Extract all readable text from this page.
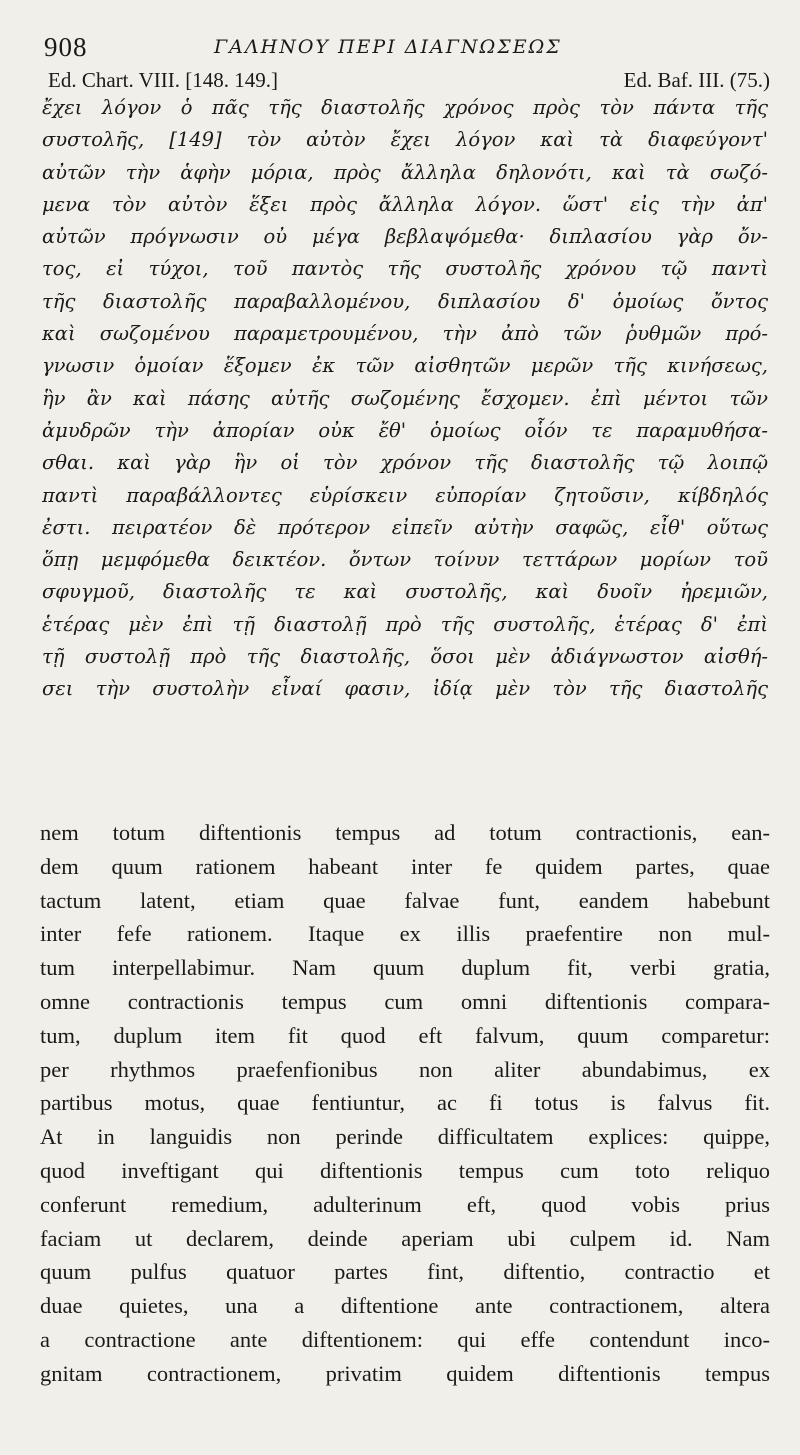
908	ΓΑΛΗΝΟΥ ΠΕΡΙ ΔΙΑΓΝΩΣΕΩΣ
Ed. Chart. VIII. [148. 149.]	Ed. Baf. III. (75.)
ἔχει λόγον ὁ πᾶς τῆς διαστολῆς χρόνος πρὸς τὸν πάντα τῆς
συστολῆς, [149] τὸν αὐτὸν ἔχει λόγον καὶ τὰ διαφεύγοντ'
αὐτῶν τὴν ἁφὴν μόρια, πρὸς ἄλληλα δηλονότι, καὶ τὰ σωζό-
μενα τὸν αὐτὸν ἕξει πρὸς ἄλληλα λόγον. ὥστ' εἰς τὴν ἀπ'
αὐτῶν πρόγνωσιν οὐ μέγα βεβλαψόμεθα· διπλασίου γὰρ ὄν-
τος, εἰ τύχοι, τοῦ παντὸς τῆς συστολῆς χρόνου τῷ παντὶ
τῆς διαστολῆς παραβαλλομένου, διπλασίου δ' ὁμοίως ὄντος
καὶ σωζομένου παραμετρουμένου, τὴν ἀπὸ τῶν ῥυθμῶν πρό-
γνωσιν ὁμοίαν ἕξομεν ἐκ τῶν αἰσθητῶν μερῶν τῆς κινήσεως,
ἣν ἂν καὶ πάσης αὐτῆς σωζομένης ἔσχομεν. ἐπὶ μέντοι τῶν
ἀμυδρῶν τὴν ἀπορίαν οὐκ ἔθ' ὁμοίως οἷόν τε παραμυθήσα-
σθαι. καὶ γὰρ ἣν οἱ τὸν χρόνον τῆς διαστολῆς τῷ λοιπῷ
παντὶ παραβάλλοντες εὑρίσκειν εὐπορίαν ζητοῦσιν, κίβδηλός
ἐστι. πειρατέον δὲ πρότερον εἰπεῖν αὐτὴν σαφῶς, εἶθ' οὕτως
ὅπῃ μεμφόμεθα δεικτέον. ὄντων τοίνυν τεττάρων μορίων τοῦ
σφυγμοῦ, διαστολῆς τε καὶ συστολῆς, καὶ δυοῖν ἠρεμιῶν,
ἑτέρας μὲν ἐπὶ τῇ διαστολῇ πρὸ τῆς συστολῆς, ἑτέρας δ' ἐπὶ
τῇ συστολῇ πρὸ τῆς διαστολῆς, ὅσοι μὲν ἀδιάγνωστον αἰσθή-
σει τὴν συστολὴν εἶναί φασιν, ἰδίᾳ μὲν τὸν τῆς διαστολῆς
nem totum diftentionis tempus ad totum contractionis, ean-
dem quum rationem habeant inter fe quidem partes, quae
tactum latent, etiam quae falvae funt, eandem habebunt
inter fefe rationem. Itaque ex illis praefentire non mul-
tum interpellabimur. Nam quum duplum fit, verbi gratia,
omne contractionis tempus cum omni diftentionis compara-
tum, duplum item fit quod eft falvum, quum comparetur:
per rhythmos praefenfionibus non aliter abundabimus, ex
partibus motus, quae fentiuntur, ac fi totus is falvus fit.
At in languidis non perinde difficultatem explices: quippe,
quod inveftigant qui diftentionis tempus cum toto reliquo
conferunt remedium, adulterinum eft, quod vobis prius
faciam ut declarem, deinde aperiam ubi culpem id. Nam
quum pulfus quatuor partes fint, diftentio, contractio et
duae quietes, una a diftentione ante contractionem, altera
a contractione ante diftentionem: qui effe contendunt inco-
gnitam contractionem, privatim quidem diftentionis tempus
